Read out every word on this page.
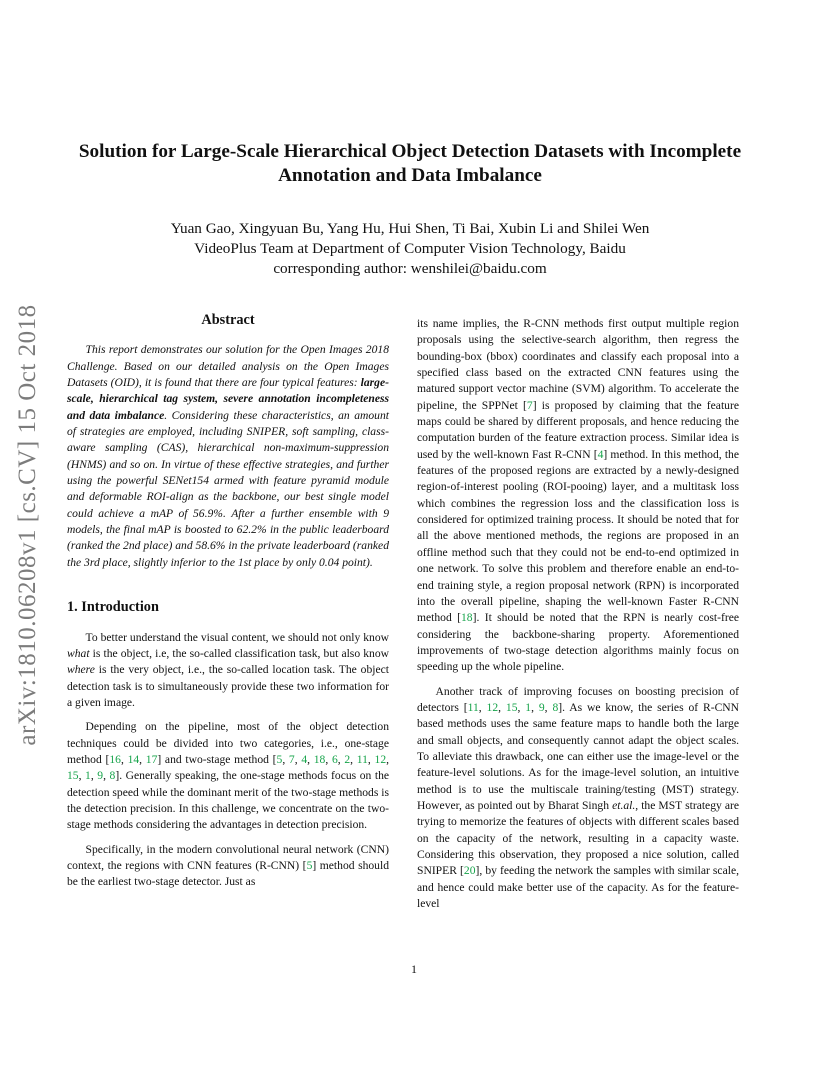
arXiv:1810.06208v1 [cs.CV] 15 Oct 2018
Solution for Large-Scale Hierarchical Object Detection Datasets with Incomplete Annotation and Data Imbalance
Yuan Gao, Xingyuan Bu, Yang Hu, Hui Shen, Ti Bai, Xubin Li and Shilei Wen
VideoPlus Team at Department of Computer Vision Technology, Baidu
corresponding author: wenshilei@baidu.com
Abstract

This report demonstrates our solution for the Open Images 2018 Challenge. Based on our detailed analysis on the Open Images Datasets (OID), it is found that there are four typical features: large-scale, hierarchical tag system, severe annotation incompleteness and data imbalance. Considering these characteristics, an amount of strategies are employed, including SNIPER, soft sampling, class-aware sampling (CAS), hierarchical non-maximum-suppression (HNMS) and so on. In virtue of these effective strategies, and further using the powerful SENet154 armed with feature pyramid module and deformable ROI-align as the backbone, our best single model could achieve a mAP of 56.9%. After a further ensemble with 9 models, the final mAP is boosted to 62.2% in the public leaderboard (ranked the 2nd place) and 58.6% in the private leaderboard (ranked the 3rd place, slightly inferior to the 1st place by only 0.04 point).

1. Introduction

To better understand the visual content, we should not only know what is the object, i.e, the so-called classification task, but also know where is the very object, i.e., the so-called location task. The object detection task is to simultaneously provide these two information for a given image.

Depending on the pipeline, most of the object detection techniques could be divided into two categories, i.e., one-stage method [16, 14, 17] and two-stage method [5, 7, 4, 18, 6, 2, 11, 12, 15, 1, 9, 8]. Generally speaking, the one-stage methods focus on the detection speed while the dominant merit of the two-stage methods is the detection precision. In this challenge, we concentrate on the two-stage methods considering the advantages in detection precision.

Specifically, in the modern convolutional neural network (CNN) context, the regions with CNN features (R-CNN) [5] method should be the earliest two-stage detector. Just as

its name implies, the R-CNN methods first output multiple region proposals using the selective-search algorithm, then regress the bounding-box (bbox) coordinates and classify each proposal into a specified class based on the extracted CNN features using the matured support vector machine (SVM) algorithm. To accelerate the pipeline, the SPPNet [7] is proposed by claiming that the feature maps could be shared by different proposals, and hence reducing the computation burden of the feature extraction process. Similar idea is used by the well-known Fast R-CNN [4] method. In this method, the features of the proposed regions are extracted by a newly-designed region-of-interest pooling (ROI-pooing) layer, and a multitask loss which combines the regression loss and the classification loss is considered for optimized training process. It should be noted that for all the above mentioned methods, the regions are proposed in an offline method such that they could not be end-to-end optimized in one network. To solve this problem and therefore enable an end-to-end training style, a region proposal network (RPN) is incorporated into the overall pipeline, shaping the well-known Faster R-CNN method [18]. It should be noted that the RPN is nearly cost-free considering the backbone-sharing property. Aforementioned improvements of two-stage detection algorithms mainly focus on speeding up the whole pipeline.

Another track of improving focuses on boosting precision of detectors [11, 12, 15, 1, 9, 8]. As we know, the series of R-CNN based methods uses the same feature maps to handle both the large and small objects, and consequently cannot adapt the object scales. To alleviate this drawback, one can either use the image-level or the feature-level solutions. As for the image-level solution, an intuitive method is to use the multiscale training/testing (MST) strategy. However, as pointed out by Bharat Singh et.al., the MST strategy are trying to memorize the features of objects with different scales based on the capacity of the network, resulting in a capacity waste. Considering this observation, they proposed a nice solution, called SNIPER [20], by feeding the network the samples with similar scale, and hence could make better use of the capacity. As for the feature-level

1
